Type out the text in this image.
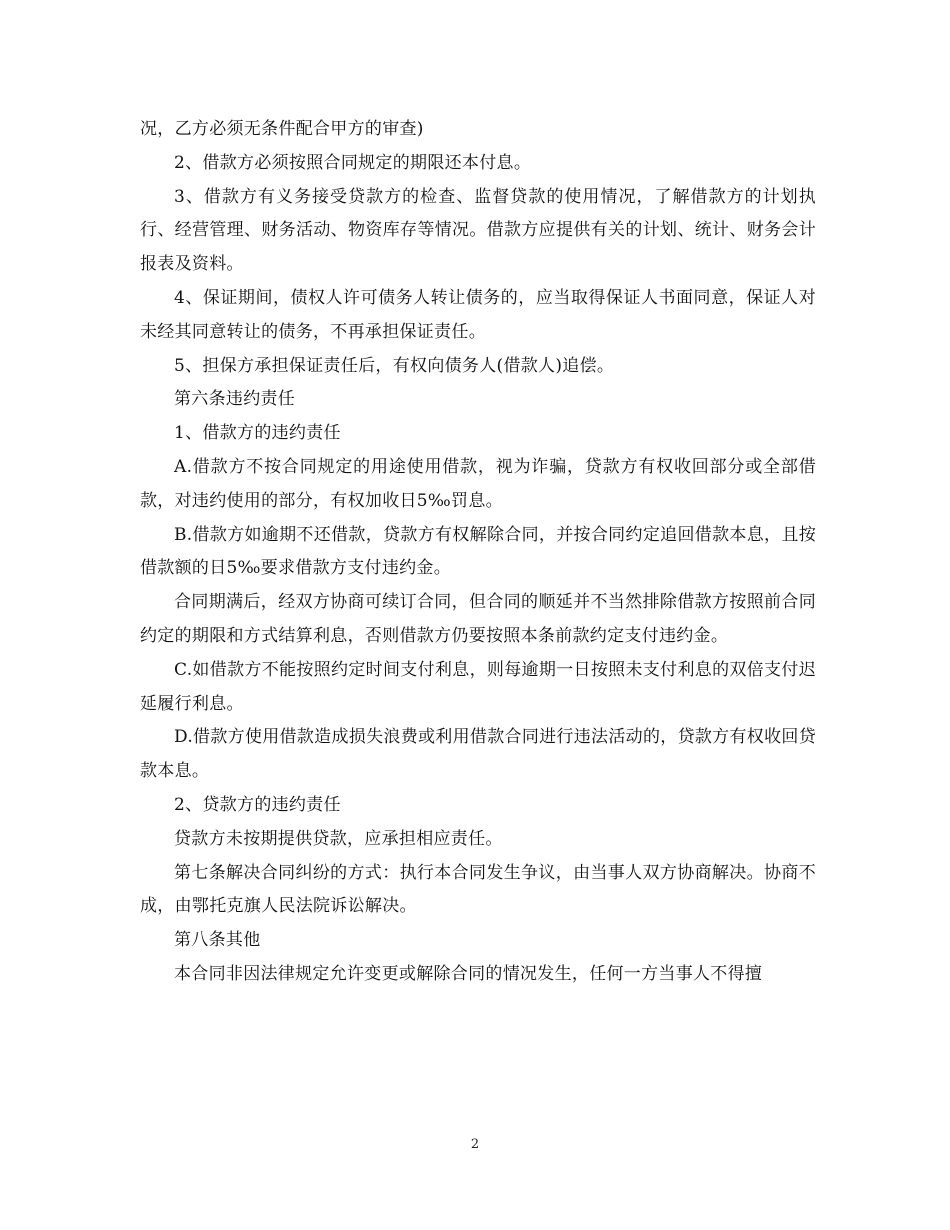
况，乙方必须无条件配合甲方的审查)

2、借款方必须按照合同规定的期限还本付息。

3、借款方有义务接受贷款方的检查、监督贷款的使用情况，了解借款方的计划执行、经营管理、财务活动、物资库存等情况。借款方应提供有关的计划、统计、财务会计报表及资料。

4、保证期间，债权人许可债务人转让债务的，应当取得保证人书面同意，保证人对未经其同意转让的债务，不再承担保证责任。

5、担保方承担保证责任后，有权向债务人(借款人)追偿。

第六条违约责任

1、借款方的违约责任

A.借款方不按合同规定的用途使用借款，视为诈骗，贷款方有权收回部分或全部借款，对违约使用的部分，有权加收日5‰罚息。

B.借款方如逾期不还借款，贷款方有权解除合同，并按合同约定追回借款本息，且按借款额的日5‰要求借款方支付违约金。

合同期满后，经双方协商可续订合同，但合同的顺延并不当然排除借款方按照前合同约定的期限和方式结算利息，否则借款方仍要按照本条前款约定支付违约金。

C.如借款方不能按照约定时间支付利息，则每逾期一日按照未支付利息的双倍支付迟延履行利息。

D.借款方使用借款造成损失浪费或利用借款合同进行违法活动的，贷款方有权收回贷款本息。

2、贷款方的违约责任

贷款方未按期提供贷款，应承担相应责任。

第七条解决合同纠纷的方式：执行本合同发生争议，由当事人双方协商解决。协商不成，由鄂托克旗人民法院诉讼解决。

第八条其他

本合同非因法律规定允许变更或解除合同的情况发生，任何一方当事人不得擅

2
